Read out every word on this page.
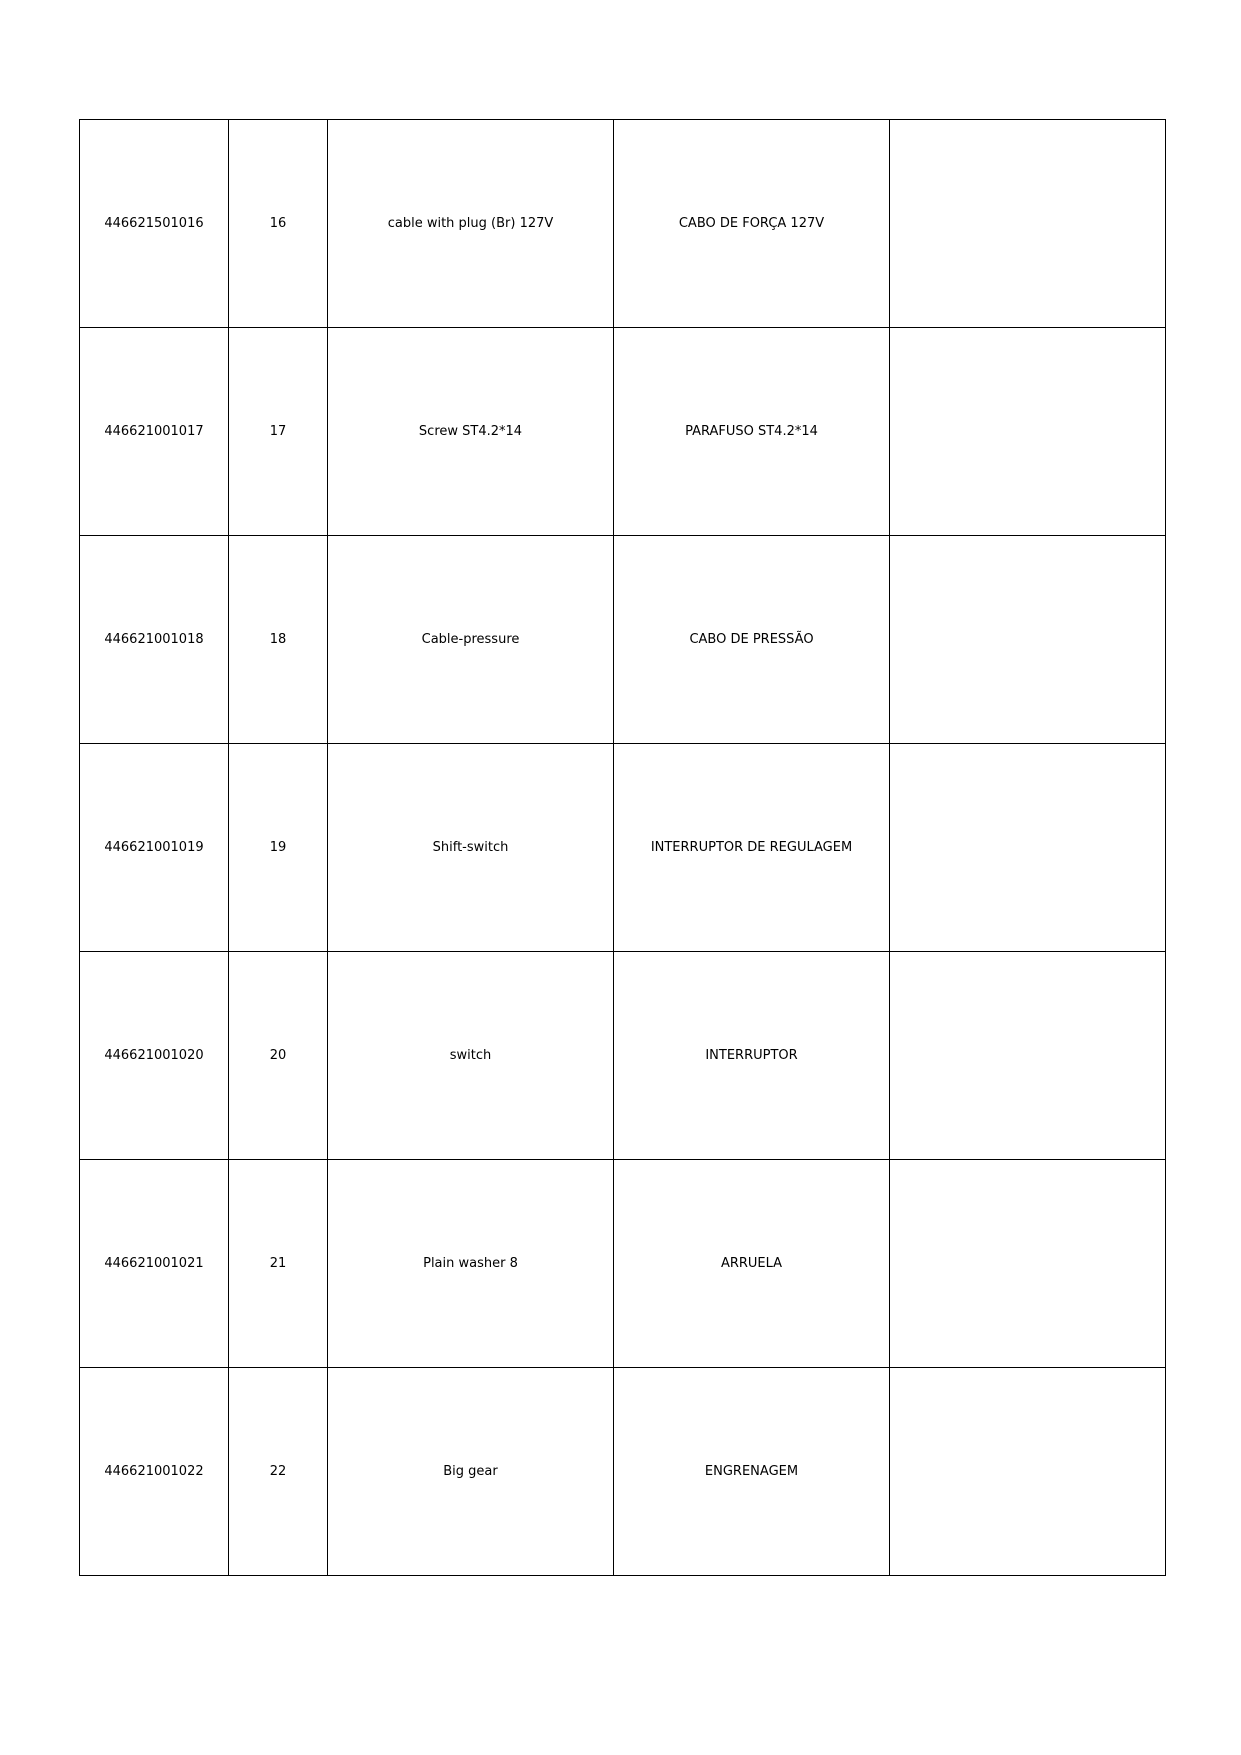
446621501016	16	cable with plug (Br) 127V	CABO DE FORÇA 127V	
446621001017	17	Screw ST4.2*14	PARAFUSO ST4.2*14	
446621001018	18	Cable-pressure	CABO DE PRESSÃO	
446621001019	19	Shift-switch	INTERRUPTOR DE REGULAGEM	
446621001020	20	switch	INTERRUPTOR	
446621001021	21	Plain washer 8	ARRUELA	
446621001022	22	Big gear	ENGRENAGEM	
